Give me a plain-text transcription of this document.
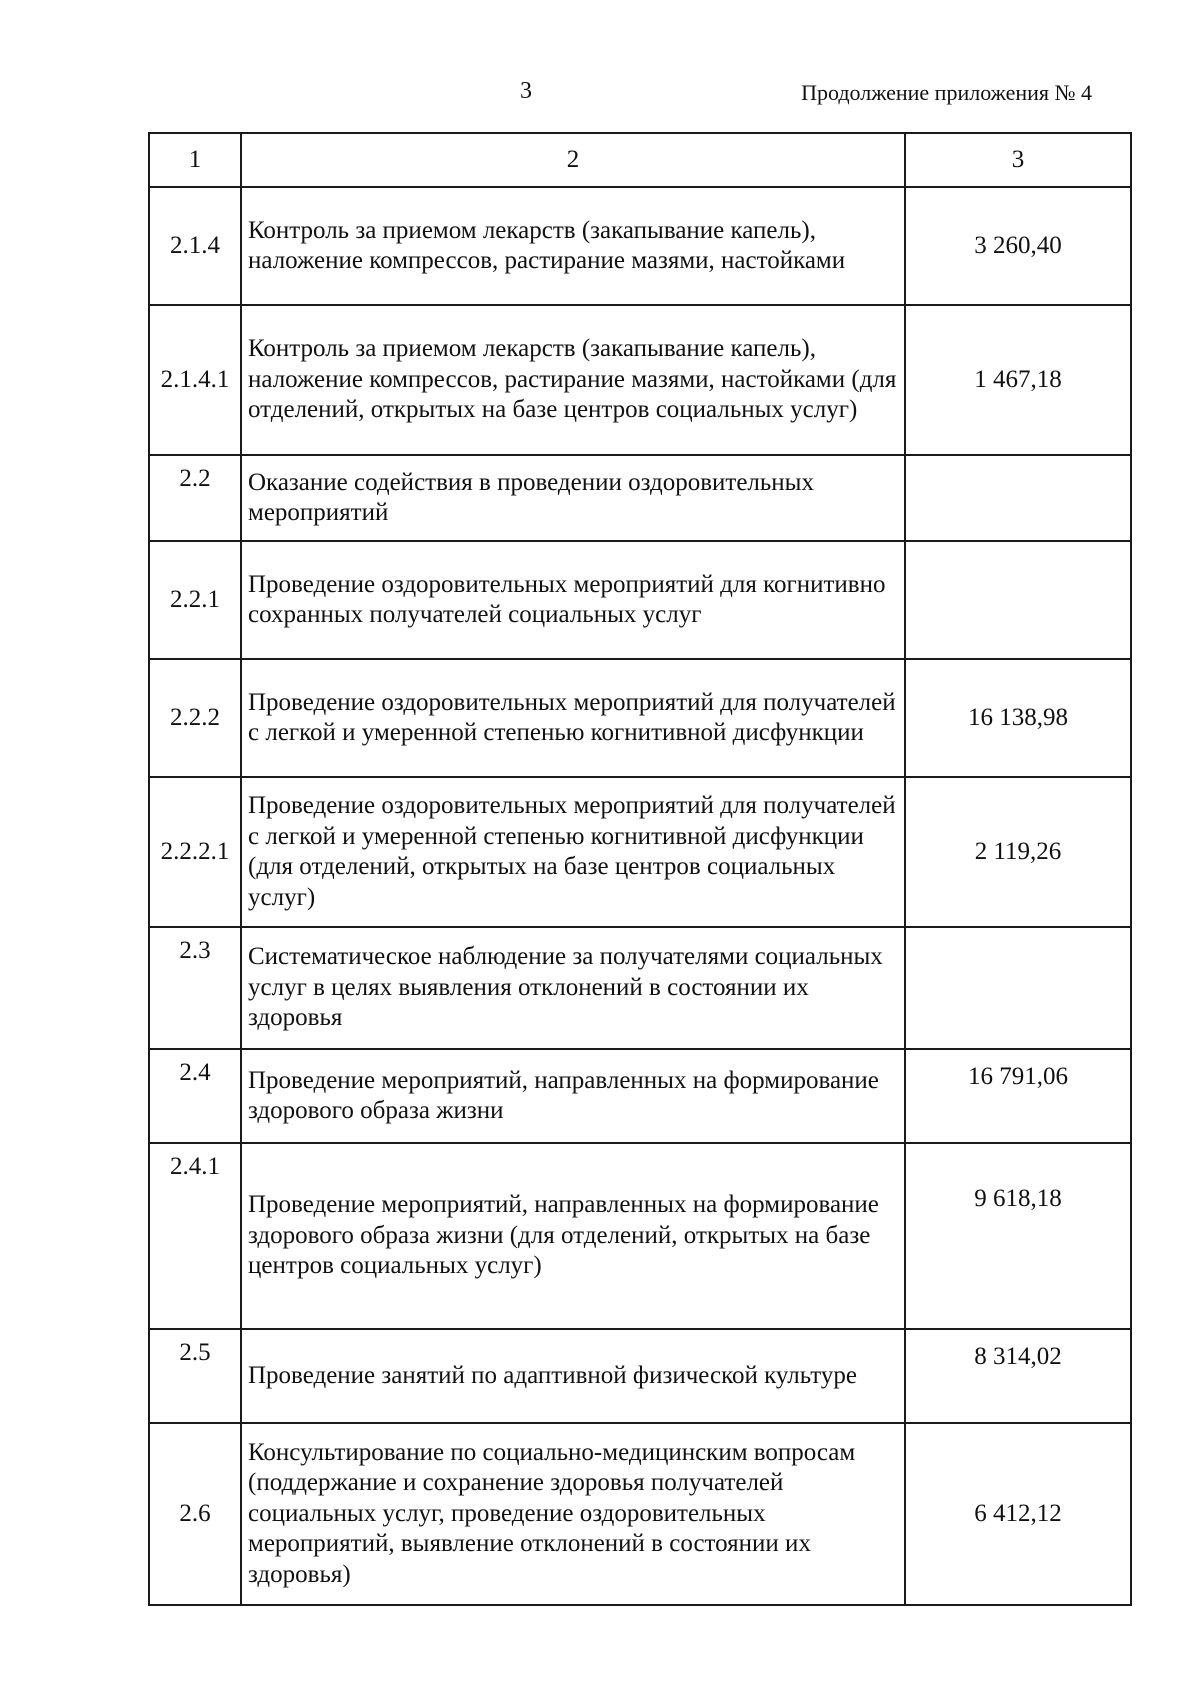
3	Продолжение приложения № 4
1	2	3
2.1.4	Контроль за приемом лекарств (закапывание капель), наложение компрессов, растирание мазями, настойками	3 260,40
2.1.4.1	Контроль за приемом лекарств (закапывание капель), наложение компрессов, растирание мазями, настойками (для отделений, открытых на базе центров социальных услуг)	1 467,18
2.2	Оказание содействия в проведении оздоровительных мероприятий	
2.2.1	Проведение оздоровительных мероприятий для когнитивно сохранных получателей социальных услуг	
2.2.2	Проведение оздоровительных мероприятий для получателей с легкой и умеренной степенью когнитивной дисфункции	16 138,98
2.2.2.1	Проведение оздоровительных мероприятий для получателей с легкой и умеренной степенью когнитивной дисфункции (для отделений, открытых на базе центров социальных услуг)	2 119,26
2.3	Систематическое наблюдение за получателями социальных услуг в целях выявления отклонений в состоянии их здоровья	
2.4	Проведение мероприятий, направленных на формирование здорового образа жизни	16 791,06
2.4.1	Проведение мероприятий, направленных на формирование здорового образа жизни (для отделений, открытых на базе центров социальных услуг)	9 618,18
2.5	Проведение занятий по адаптивной физической культуре	8 314,02
2.6	Консультирование по социально-медицинским вопросам (поддержание и сохранение здоровья получателей социальных услуг, проведение оздоровительных мероприятий, выявление отклонений в состоянии их здоровья)	6 412,12
